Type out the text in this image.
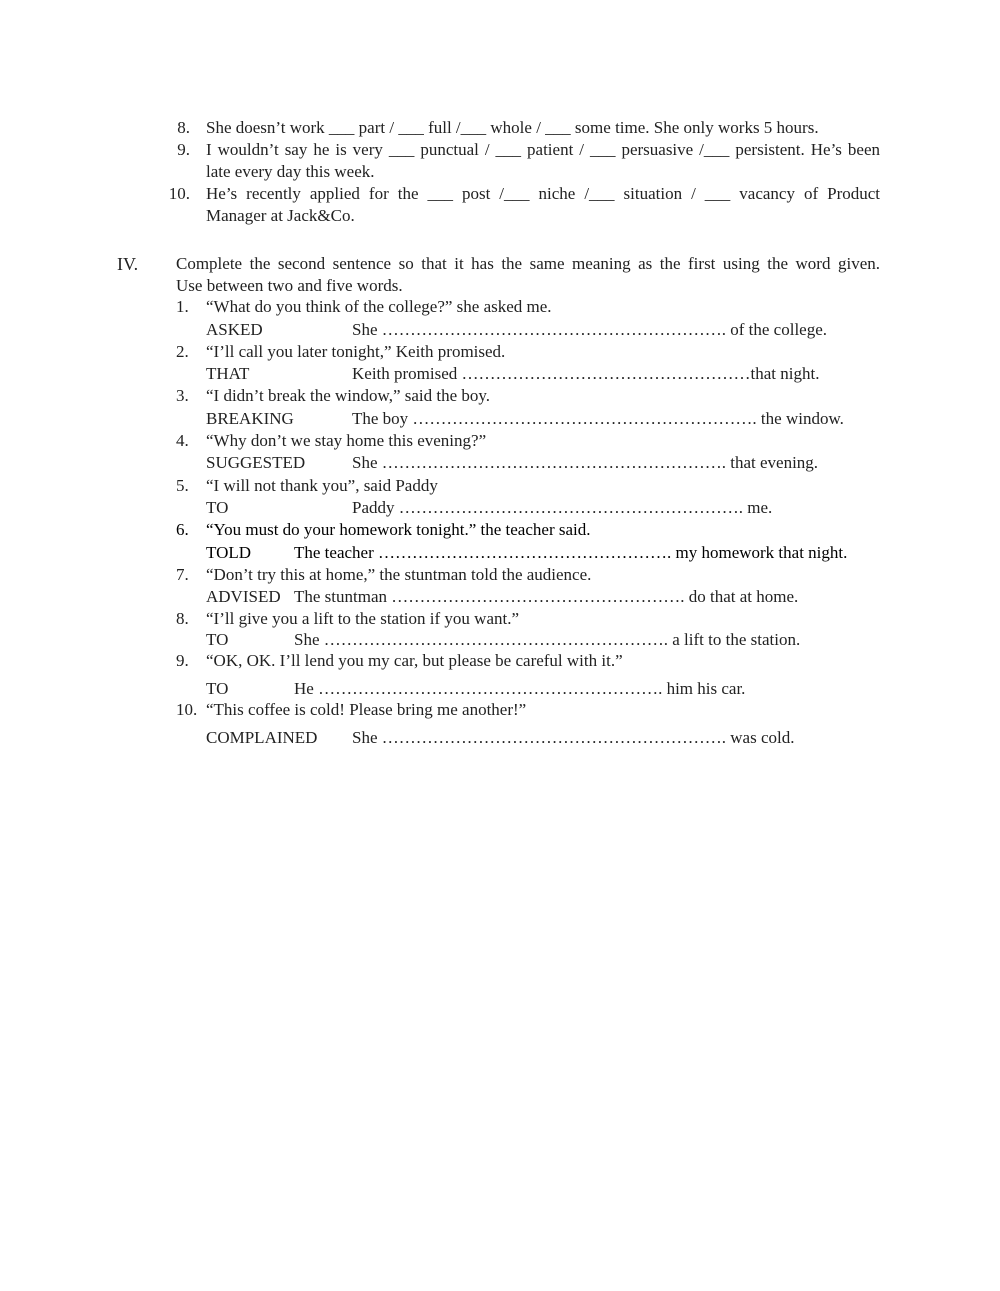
8. She doesn’t work ___ part / ___ full /___ whole / ___ some time. She only works 5 hours.
9. I wouldn’t say he is very ___ punctual / ___ patient / ___ persuasive /___ persistent. He’s been
late every day this week.
10. He’s recently applied for the ___ post /___ niche /___ situation / ___ vacancy of Product
Manager at Jack&Co.
IV. Complete the second sentence so that it has the same meaning as the first using the word given.
Use between two and five words.
1. “What do you think of the college?” she asked me.
ASKED	She ……………………………………………………. of the college.
2. “I’ll call you later tonight,” Keith promised.
THAT	Keith promised ……………………………………………that night.
3. “I didn’t break the window,” said the boy.
BREAKING	The boy ……………………………………………………. the window.
4. “Why don’t we stay home this evening?”
SUGGESTED	She ……………………………………………………. that evening.
5. “I will not thank you”, said Paddy
TO	Paddy ……………………………………………………. me.
6. “You must do your homework tonight.” the teacher said.
TOLD	The teacher ……………………………………………. my homework that night.
7. “Don’t try this at home,” the stuntman told the audience.
ADVISED The stuntman ……………………………………………. do that at home.
8. “I’ll give you a lift to the station if you want.”
TO	She ……………………………………………………. a lift to the station.
9. “OK, OK. I’ll lend you my car, but please be careful with it.”
TO	He ……………………………………………………. him his car.
10. “This coffee is cold! Please bring me another!”
COMPLAINED She ……………………………………………………. was cold.
